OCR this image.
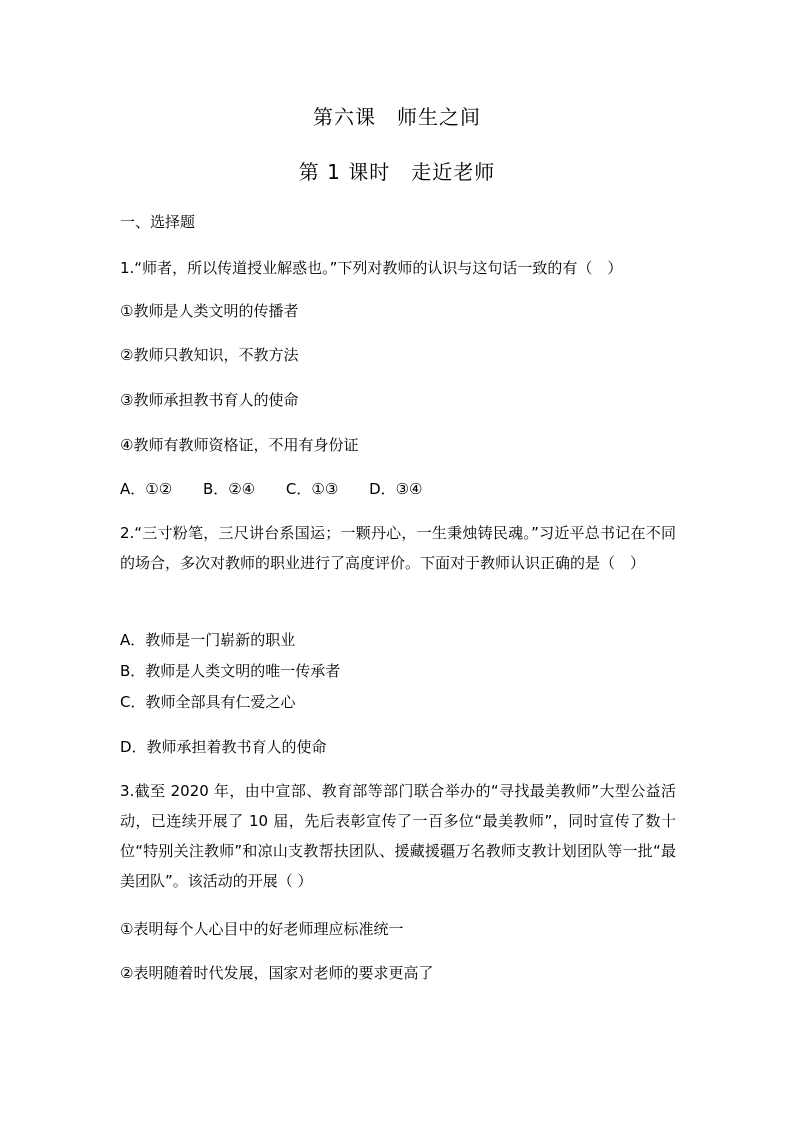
第六课　师生之间
第 1 课时　走近老师
一、选择题
1.“师者，所以传道授业解惑也。”下列对教师的认识与这句话一致的有（　）
①教师是人类文明的传播者
②教师只教知识，不教方法
③教师承担教书育人的使命
④教师有教师资格证，不用有身份证
A．①② B．②④ C．①③ D．③④
2.“三寸粉笔，三尺讲台系国运；一颗丹心，一生秉烛铸民魂。”习近平总书记在不同的场合，多次对教师的职业进行了高度评价。下面对于教师认识正确的是（　）
A．教师是一门崭新的职业
B．教师是人类文明的唯一传承者
C．教师全部具有仁爱之心
D．教师承担着教书育人的使命
3.截至 2020 年，由中宣部、教育部等部门联合举办的“寻找最美教师”大型公益活动，已连续开展了 10 届，先后表彰宣传了一百多位“最美教师”，同时宣传了数十位“特别关注教师”和凉山支教帮扶团队、援藏援疆万名教师支教计划团队等一批“最美团队”。该活动的开展（ ）
①表明每个人心目中的好老师理应标准统一
②表明随着时代发展，国家对老师的要求更高了
